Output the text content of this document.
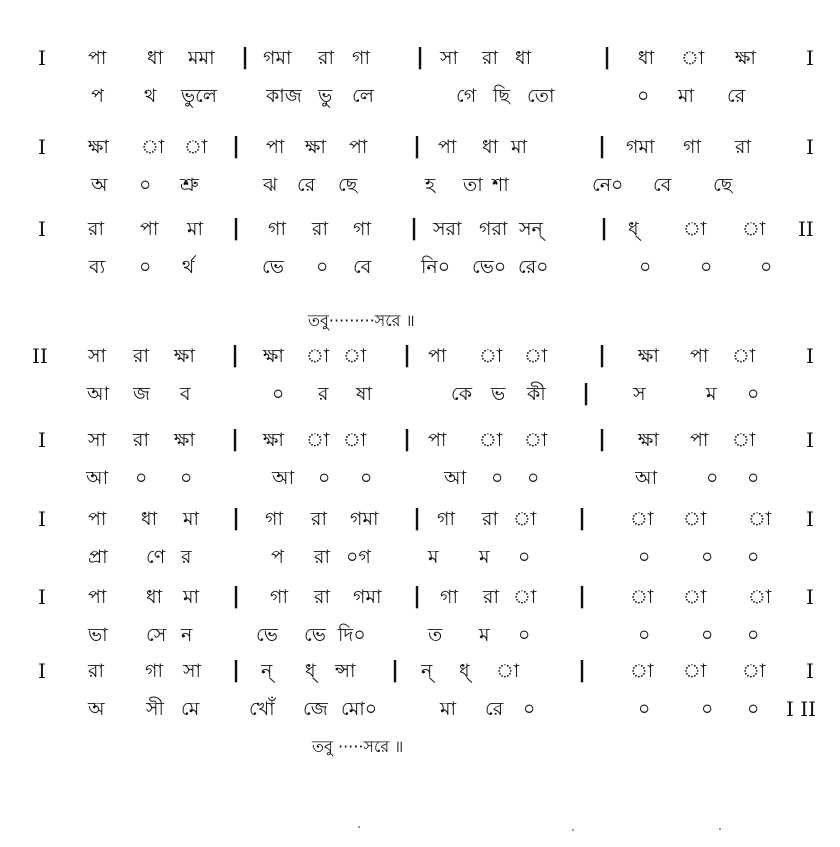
I পা ধা মমা | গমা রা গা | সা রা ধা	| ধা া ক্ষা	I
প থ ভুলে	কাজ ভু লে	গে ছি তো	০ মা রে
I ক্ষা া া | পা ক্ষা পা | পা ধা মা	| গমা গা রা	I
অ ০ শ্রু	ঝ রে ছে	হ তা শা	নে০ বে ছে
I রা পা মা | গা রা গা | সরা গরা সন্	| ধ্ া া II
ব্য ০ র্থ	ভে ০ বে	নি০ ভে০ রে০	০	০	০
II সা রা ক্ষা | ক্ষা া া | পা া া | ক্ষা পা া	I
আ জ ব	০ র ষা	কে ভ কী | স	ম ০
I সা রা ক্ষা | ক্ষা া া | পা া া | ক্ষা পা া	I
আ ০ ০	আ ০ ০	আ ০ ০	আ	০ ০
I পা ধা মা | গা রা গমা | গা রা া | া া া I
প্রা ণে র	প রা ০গ	ম ম ০	০	০ ০
I পা ধা মা | গা রা গমা | গা রা া | া া া I
ভা সে ন	ভে ভে দি০	ত ম ০	০	০ ০
I রা গা সা | ন্ ধ্ ন্সা | ন্ ধ্ া	| া া া I
অ সী মে	খোঁ জে মো০	মা রে ০	০	০ ০ I II
তবু·········সরে ॥
তবু ·····সরে ॥
